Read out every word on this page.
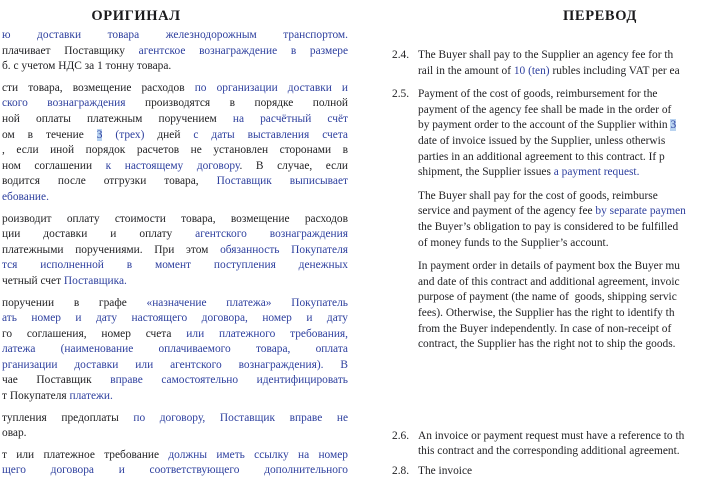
ОРИГИНАЛ	ПЕРЕВОД
ю доставки товара железнодорожным транспортом.
плачивает Поставщику агентское вознаграждение в размере
б. с учетом НДС за 1 тонну товара.
сти товара, возмещение расходов по организации доставки и
ского вознаграждения производятся в порядке полной
ной оплаты платежным поручением на расчётный счёт
ом в течение 3 (трех) дней с даты выставления счета
, если иной порядок расчетов не установлен сторонами в
ном соглашении к настоящему договору. В случае, если
водится после отгрузки товара, Поставщик выписывает
ебование.
роизводит оплату стоимости товара, возмещение расходов
ции доставки и оплату агентского вознаграждения
платежными поручениями. При этом обязанность Покупателя
тся исполненной в момент поступления денежных
четный счет Поставщика.
поручении в графе «назначение платежа» Покупатель
ать номер и дату настоящего договора, номер и дату
го соглашения, номер счета или платежного требования,
латежа (наименование оплачиваемого товара, оплата
рганизации доставки или агентского вознаграждения). В
чае Поставщик вправе самостоятельно идентифицировать
т Покупателя платежи.
тупления предоплаты по договору, Поставщик вправе не
овар.
т или платежное требование должны иметь ссылку на номер
щего договора и соответствующего дополнительного
2.4. The Buyer shall pay to the Supplier an agency fee for th
rail in the amount of 10 (ten) rubles including VAT per ea
2.5. Payment of the cost of goods, reimbursement for the
payment of the agency fee shall be made in the order of
by payment order to the account of the Supplier within 3
date of invoice issued by the Supplier, unless otherwis
parties in an additional agreement to this contract. If p
shipment, the Supplier issues a payment request.
The Buyer shall pay for the cost of goods, reimburse
service and payment of the agency fee by separate paymen
the Buyer’s obligation to pay is considered to be fulfilled
of money funds to the Supplier’s account.
In payment order in details of payment box the Buyer mu
and date of this contract and additional agreement, invoic
purpose of payment (the name of  goods, shipping servic
fees). Otherwise, the Supplier has the right to identify th
from the Buyer independently. In case of non-receipt of
contract, the Supplier has the right not to ship the goods.
2.6. An invoice or payment request must have a reference to th
this contract and the corresponding additional agreement.
2.8. The invoice
